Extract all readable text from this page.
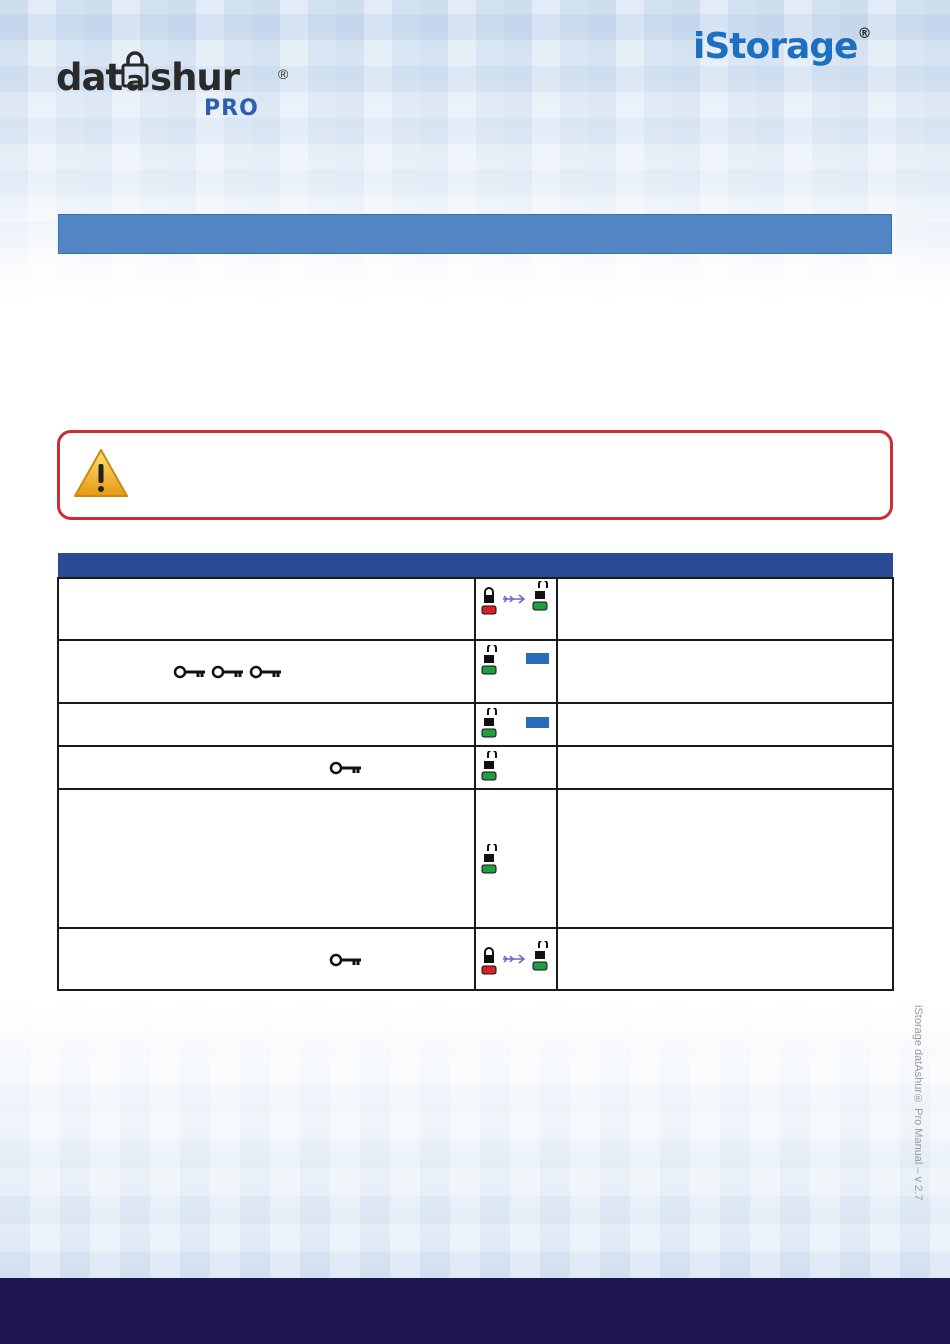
dat a shur	®
PRO
iStorage®

iStorage datAshur® Pro Manual – v 2.7
